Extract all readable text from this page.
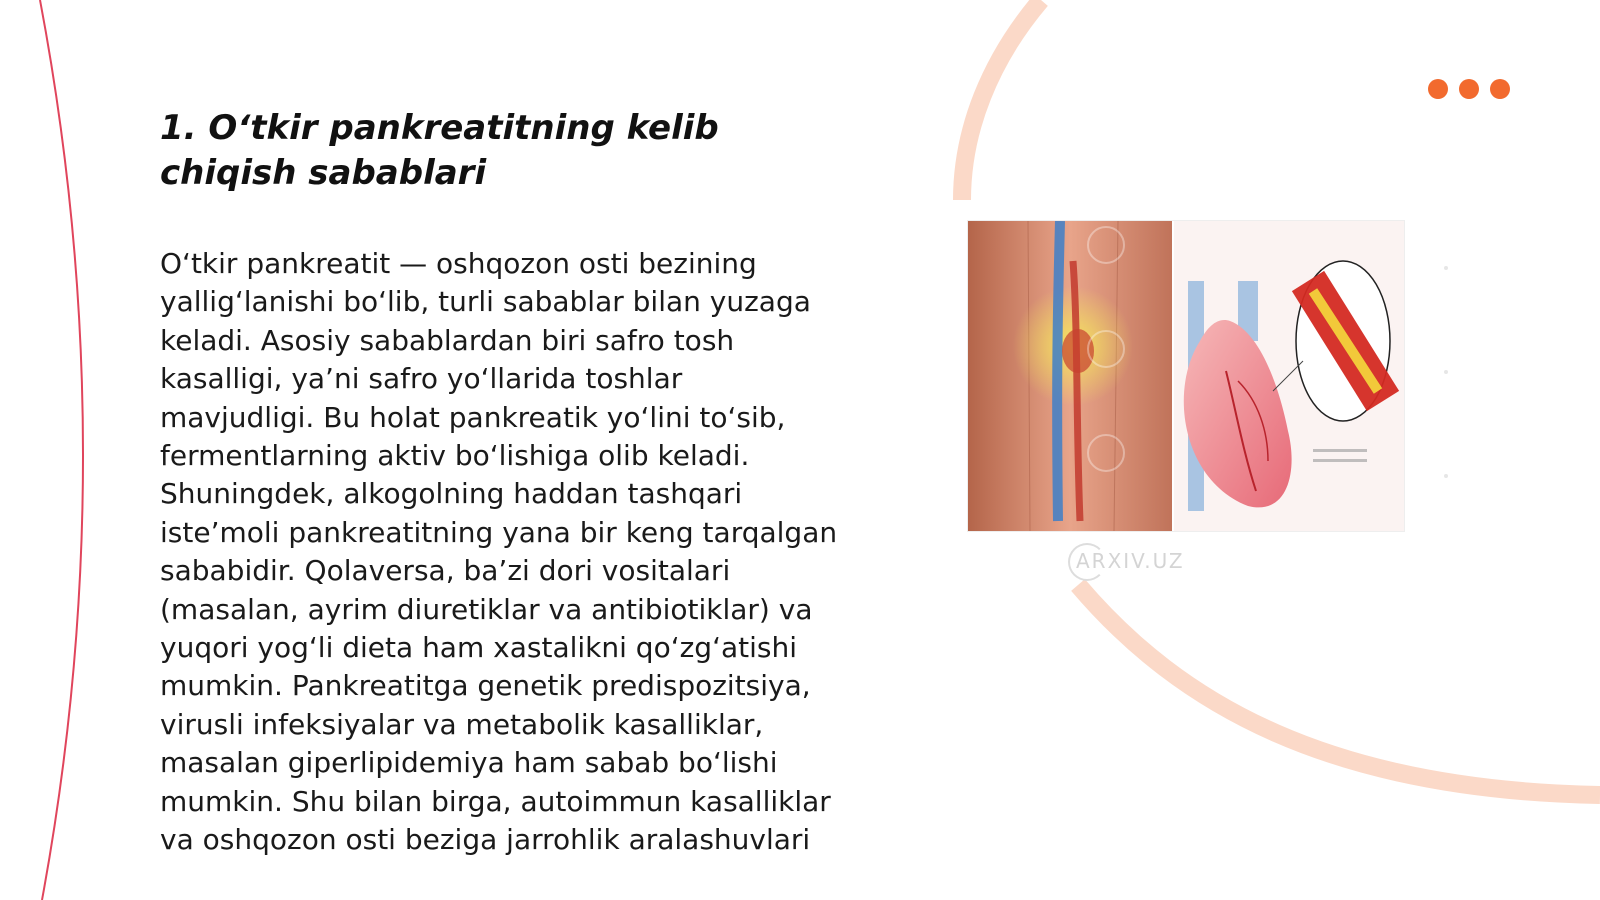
1. O‘tkir pankreatitning kelib chiqish sabablari

O‘tkir pankreatit — oshqozon osti bezining yallig‘lanishi bo‘lib, turli sabablar bilan yuzaga keladi. Asosiy sabablardan biri safro tosh kasalligi, ya’ni safro yo‘llarida toshlar mavjudligi. Bu holat pankreatik yo‘lini to‘sib, fermentlarning aktiv bo‘lishiga olib keladi. Shuningdek, alkogolning haddan tashqari iste’moli pankreatitning yana bir keng tarqalgan sababidir. Qolaversa, ba’zi dori vositalari (masalan, ayrim diuretiklar va antibiotiklar) va yuqori yog‘li dieta ham xastalikni qo‘zg‘atishi mumkin. Pankreatitga genetik predispozitsiya, virusli infeksiyalar va metabolik kasalliklar, masalan giperlipidemiya ham sabab bo‘lishi mumkin. Shu bilan birga, autoimmun kasalliklar va oshqozon osti beziga jarrohlik aralashuvlari

ARXIV.UZ
